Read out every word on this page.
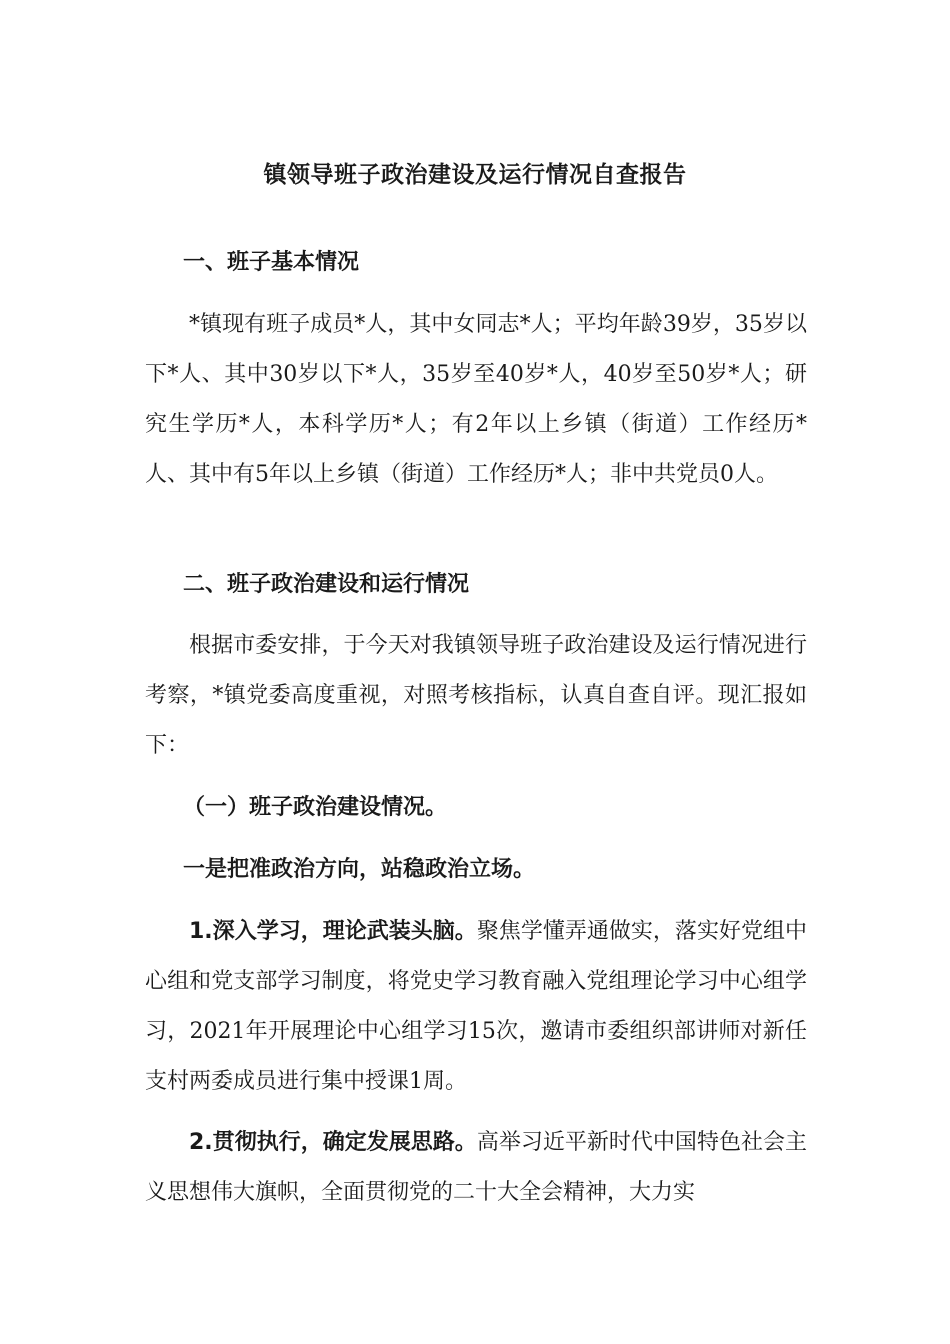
镇领导班子政治建设及运行情况自查报告
一、班子基本情况
*镇现有班子成员*人，其中女同志*人；平均年龄39岁，35岁以下*人、其中30岁以下*人，35岁至40岁*人，40岁至50岁*人；研究生学历*人，本科学历*人；有2年以上乡镇（街道）工作经历*人、其中有5年以上乡镇（街道）工作经历*人；非中共党员0人。
二、班子政治建设和运行情况
根据市委安排，于今天对我镇领导班子政治建设及运行情况进行考察，*镇党委高度重视，对照考核指标，认真自查自评。现汇报如下：
（一）班子政治建设情况。
一是把准政治方向，站稳政治立场。
1.深入学习，理论武装头脑。聚焦学懂弄通做实，落实好党组中心组和党支部学习制度，将党史学习教育融入党组理论学习中心组学习，2021年开展理论中心组学习15次，邀请市委组织部讲师对新任支村两委成员进行集中授课1周。
2.贯彻执行，确定发展思路。高举习近平新时代中国特色社会主义思想伟大旗帜，全面贯彻党的二十大全会精神，大力实
